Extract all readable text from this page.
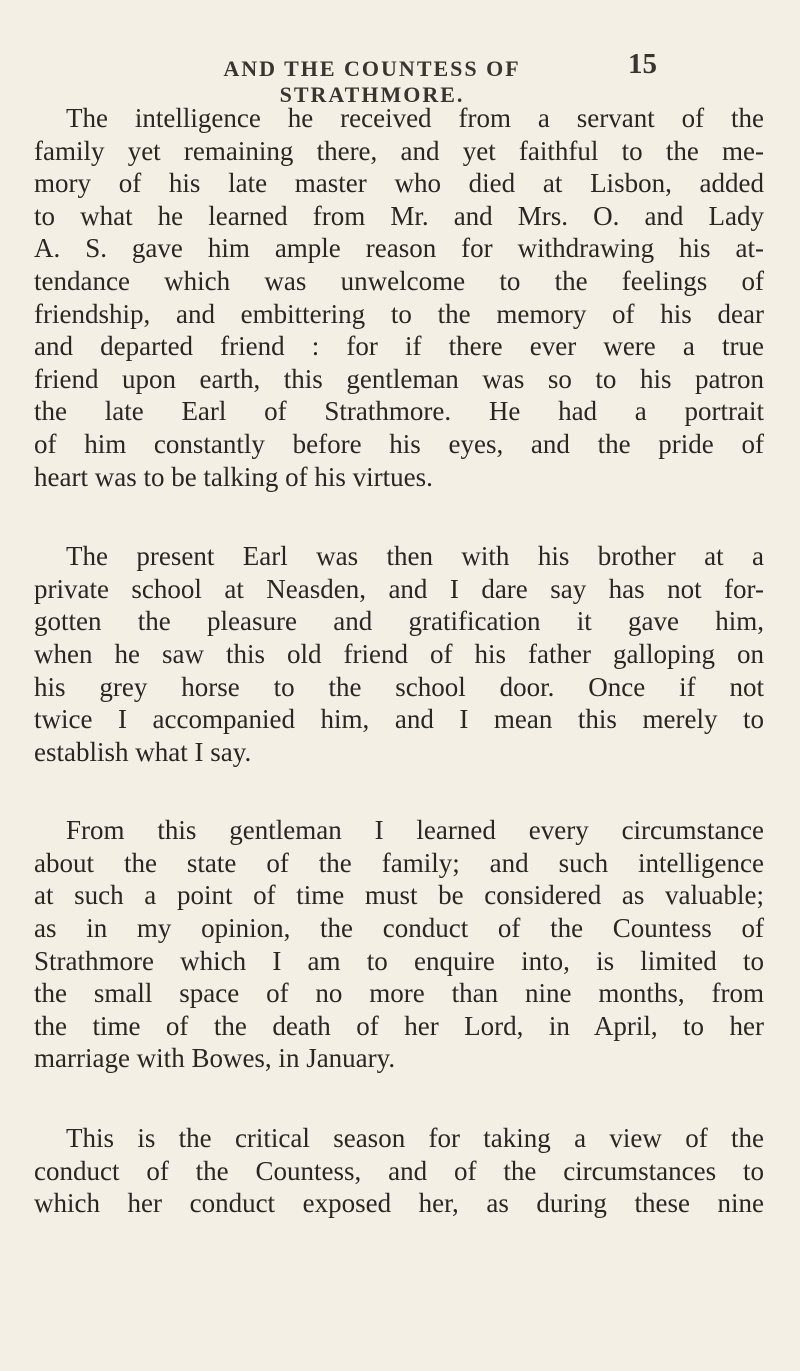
AND THE COUNTESS OF STRATHMORE.
15

The intelligence he received from a servant of the
family yet remaining there, and yet faithful to the me-
mory of his late master who died at Lisbon, added
to what he learned from Mr. and Mrs. O. and Lady
A. S. gave him ample reason for withdrawing his at-
tendance which was unwelcome to the feelings of
friendship, and embittering to the memory of his dear
and departed friend : for if there ever were a true
friend upon earth, this gentleman was so to his patron
the late Earl of Strathmore. He had a portrait
of him constantly before his eyes, and the pride of
heart was to be talking of his virtues.

The present Earl was then with his brother at a
private school at Neasden, and I dare say has not for-
gotten the pleasure and gratification it gave him,
when he saw this old friend of his father galloping on
his grey horse to the school door. Once if not
twice I accompanied him, and I mean this merely to
establish what I say.

From this gentleman I learned every circumstance
about the state of the family; and such intelligence
at such a point of time must be considered as valuable;
as in my opinion, the conduct of the Countess of
Strathmore which I am to enquire into, is limited to
the small space of no more than nine months, from
the time of the death of her Lord, in April, to her
marriage with Bowes, in January.

This is the critical season for taking a view of the
conduct of the Countess, and of the circumstances to
which her conduct exposed her, as during these nine
